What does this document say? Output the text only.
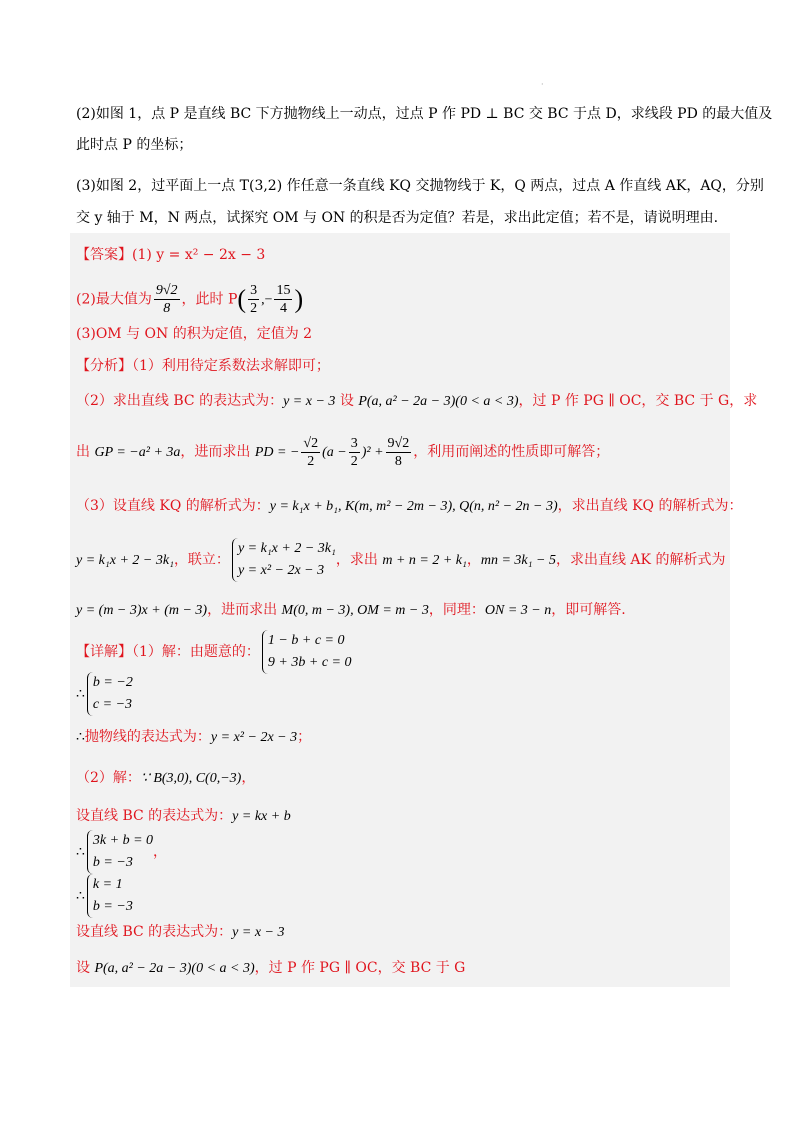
·
(2)如图 1，点 P 是直线 BC 下方抛物线上一动点，过点 P 作 PD ⊥ BC 交 BC 于点 D，求线段 PD 的最大值及
此时点 P 的坐标；
(3)如图 2，过平面上一点 T(3,2) 作任意一条直线 KQ 交抛物线于 K，Q 两点，过点 A 作直线 AK，AQ，分别
交 y 轴于 M，N 两点，试探究 OM 与 ON 的积是否为定值？若是，求出此定值；若不是，请说明理由.
【答案】(1) y = x² − 2x − 3
(2)最大值为 $\frac{9√2}{8}$ ，此时 $P( \frac{3}{2}$ ,− $\frac{15}{4}$ )
(3)OM 与 ON 的积为定值，定值为 2
【分析】（1）利用待定系数法求解即可；
（2）求出直线 BC 的表达式为：y = x − 3 设 P(a, a² − 2a − 3)(0 < a < 3)，过 P 作 PG ∥ OC，交 BC 于 G，求
出 GP = −a² + 3a，进而求出 PD = − $\frac{√2}{2} (a - \frac{3}{2} )^2 + \frac{9√2}{8}$ ，利用而阐述的性质即可解答；
（3）设直线 KQ 的解析式为：y = k₁x + b₁, K(m, m² − 2m − 3), Q(n, n² − 2n − 3)，求出直线 KQ 的解析式为：
y = k₁x + 2 − 3k₁，联立：
y = k₁x + 2 − 3k₁
y = x² − 2x − 3
，求出 m + n = 2 + k₁，mn = 3k₁ − 5，求出直线 AK 的解析式为
y = (m − 3)x + (m − 3)，进而求出 M(0, m − 3), OM = m − 3，同理：ON = 3 − n，即可解答.
【详解】（1）解：由题意的：
1 − b + c = 0
9 + 3b + c = 0
∴
b = −2
c = −3
∴抛物线的表达式为：y = x² − 2x − 3；
（2）解：∵ B(3,0), C(0,−3)，
设直线 BC 的表达式为：y = kx + b
∴
3k + b = 0
b = −3
，
∴
k = 1
b = −3
设直线 BC 的表达式为：y = x − 3
设 P(a, a² − 2a − 3)(0 < a < 3)，过 P 作 PG ∥ OC，交 BC 于 G
